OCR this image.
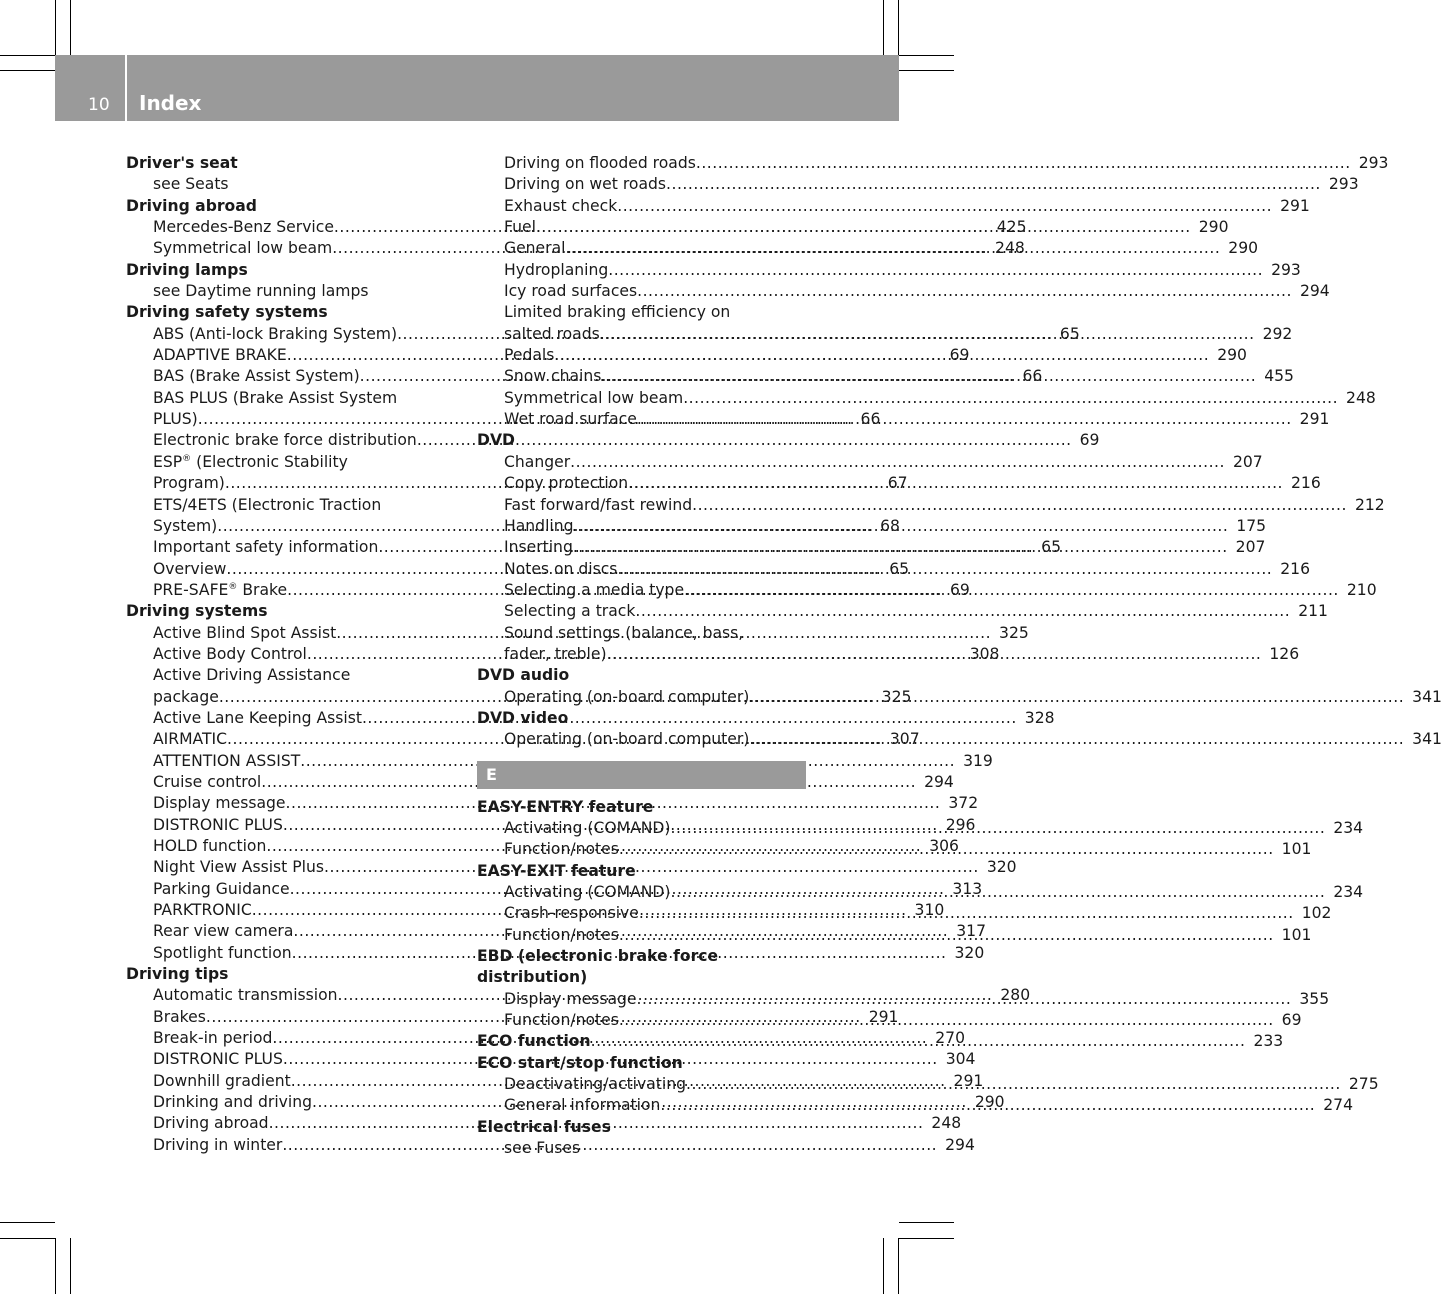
10 Index
Driver's seat
see Seats
Driving abroad
Mercedes-Benz Service .....	425
Symmetrical low beam .....	248
Driving lamps
see Daytime running lamps
Driving safety systems
ABS (Anti-lock Braking System) .....	65
ADAPTIVE BRAKE .....	69
BAS (Brake Assist System) .....	66
BAS PLUS (Brake Assist System
PLUS) .....	66
Electronic brake force distribution .....	69
ESP® (Electronic Stability
Program) .....	67
ETS/4ETS (Electronic Traction
System) .....	68
Important safety information .....	65
Overview .....	65
PRE-SAFE® Brake .....	69
Driving systems
Active Blind Spot Assist .....	325
Active Body Control .....	308
Active Driving Assistance
package .....	325
Active Lane Keeping Assist .....	328
AIRMATIC .....	307
ATTENTION ASSIST .....	319
Cruise control .....	294
Display message .....	372
DISTRONIC PLUS .....	296
HOLD function .....	306
Night View Assist Plus .....	320
Parking Guidance .....	313
PARKTRONIC .....	310
Rear view camera .....	317
Spotlight function .....	320
Driving tips
Automatic transmission .....	280
Brakes .....	291
Break-in period .....	270
DISTRONIC PLUS .....	304
Downhill gradient .....	291
Drinking and driving .....	290
Driving abroad .....	248
Driving in winter .....	294
Driving on flooded roads .....	293
Driving on wet roads .....	293
Exhaust check .....	291
Fuel .....	290
General .....	290
Hydroplaning .....	293
Icy road surfaces .....	294
Limited braking efficiency on
salted roads .....	292
Pedals .....	290
Snow chains .....	455
Symmetrical low beam .....	248
Wet road surface .....	291
DVD
Changer .....	207
Copy protection .....	216
Fast forward/fast rewind .....	212
Handling .....	175
Inserting .....	207
Notes on discs .....	216
Selecting a media type .....	210
Selecting a track .....	211
Sound settings (balance, bass,
fader, treble) .....	126
DVD audio
Operating (on-board computer) .....	341
DVD video
Operating (on-board computer) .....	341
E
EASY-ENTRY feature
Activating (COMAND) .....	234
Function/notes .....	101
EASY-EXIT feature
Activating (COMAND) .....	234
Crash-responsive .....	102
Function/notes .....	101
EBD (electronic brake force
distribution)
Display message .....	355
Function/notes .....	69
ECO function .....	233
ECO start/stop function
Deactivating/activating .....	275
General information .....	274
Electrical fuses
see Fuses
